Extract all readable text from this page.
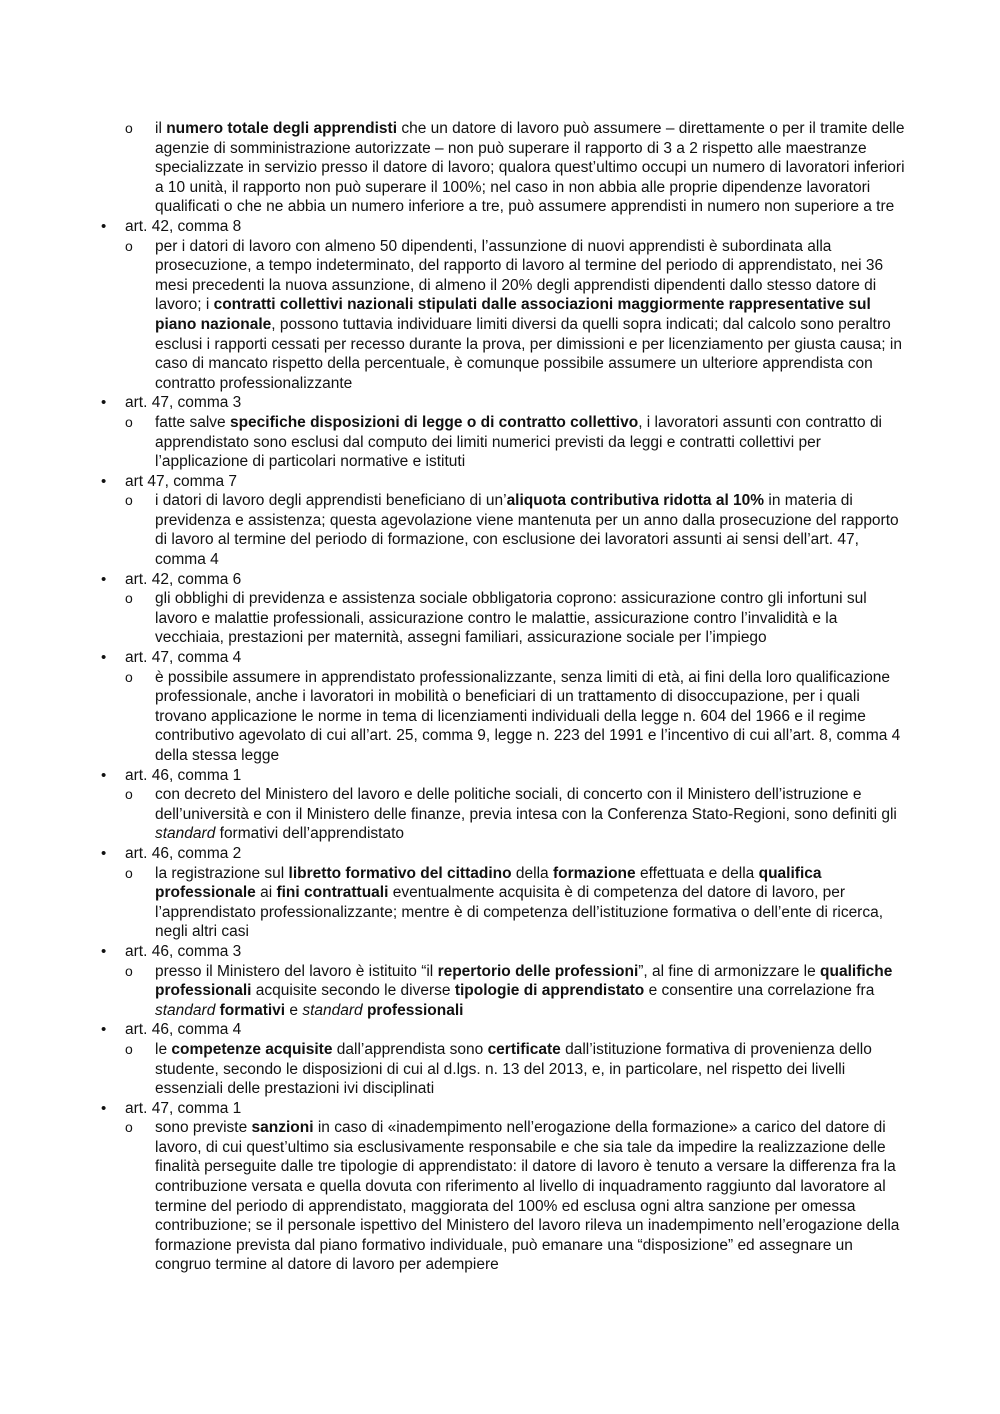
o il numero totale degli apprendisti che un datore di lavoro può assumere – direttamente o per il tramite delle agenzie di somministrazione autorizzate – non può superare il rapporto di 3 a 2 rispetto alle maestranze specializzate in servizio presso il datore di lavoro; qualora quest’ultimo occupi un numero di lavoratori inferiori a 10 unità, il rapporto non può superare il 100%; nel caso in non abbia alle proprie dipendenze lavoratori qualificati o che ne abbia un numero inferiore a tre, può assumere apprendisti in numero non superiore a tre
• art. 42, comma 8
o per i datori di lavoro con almeno 50 dipendenti, l’assunzione di nuovi apprendisti è subordinata alla prosecuzione, a tempo indeterminato, del rapporto di lavoro al termine del periodo di apprendistato, nei 36 mesi precedenti la nuova assunzione, di almeno il 20% degli apprendisti dipendenti dallo stesso datore di lavoro; i contratti collettivi nazionali stipulati dalle associazioni maggiormente rappresentative sul piano nazionale, possono tuttavia individuare limiti diversi da quelli sopra indicati; dal calcolo sono peraltro esclusi i rapporti cessati per recesso durante la prova, per dimissioni e per licenziamento per giusta causa; in caso di mancato rispetto della percentuale, è comunque possibile assumere un ulteriore apprendista con contratto professionalizzante
• art. 47, comma 3
o fatte salve specifiche disposizioni di legge o di contratto collettivo, i lavoratori assunti con contratto di apprendistato sono esclusi dal computo dei limiti numerici previsti da leggi e contratti collettivi per l’applicazione di particolari normative e istituti
• art 47, comma 7
o i datori di lavoro degli apprendisti beneficiano di un’aliquota contributiva ridotta al 10% in materia di previdenza e assistenza; questa agevolazione viene mantenuta per un anno dalla prosecuzione del rapporto di lavoro al termine del periodo di formazione, con esclusione dei lavoratori assunti ai sensi dell’art. 47, comma 4
• art. 42, comma 6
o gli obblighi di previdenza e assistenza sociale obbligatoria coprono: assicurazione contro gli infortuni sul lavoro e malattie professionali, assicurazione contro le malattie, assicurazione contro l’invalidità e la vecchiaia, prestazioni per maternità, assegni familiari, assicurazione sociale per l’impiego
• art. 47, comma 4
o è possibile assumere in apprendistato professionalizzante, senza limiti di età, ai fini della loro qualificazione professionale, anche i lavoratori in mobilità o beneficiari di un trattamento di disoccupazione, per i quali trovano applicazione le norme in tema di licenziamenti individuali della legge n. 604 del 1966 e il regime contributivo agevolato di cui all’art. 25, comma 9, legge n. 223 del 1991 e l’incentivo di cui all’art. 8, comma 4 della stessa legge
• art. 46, comma 1
o con decreto del Ministero del lavoro e delle politiche sociali, di concerto con il Ministero dell’istruzione e dell’università e con il Ministero delle finanze, previa intesa con la Conferenza Stato-Regioni, sono definiti gli standard formativi dell’apprendistato
• art. 46, comma 2
o la registrazione sul libretto formativo del cittadino della formazione effettuata e della qualifica professionale ai fini contrattuali eventualmente acquisita è di competenza del datore di lavoro, per l’apprendistato professionalizzante; mentre è di competenza dell’istituzione formativa o dell’ente di ricerca, negli altri casi
• art. 46, comma 3
o presso il Ministero del lavoro è istituito “il repertorio delle professioni”, al fine di armonizzare le qualifiche professionali acquisite secondo le diverse tipologie di apprendistato e consentire una correlazione fra standard formativi e standard professionali
• art. 46, comma 4
o le competenze acquisite dall’apprendista sono certificate dall’istituzione formativa di provenienza dello studente, secondo le disposizioni di cui al d.lgs. n. 13 del 2013, e, in particolare, nel rispetto dei livelli essenziali delle prestazioni ivi disciplinati
• art. 47, comma 1
o sono previste sanzioni in caso di «inadempimento nell’erogazione della formazione» a carico del datore di lavoro, di cui quest’ultimo sia esclusivamente responsabile e che sia tale da impedire la realizzazione delle finalità perseguite dalle tre tipologie di apprendistato: il datore di lavoro è tenuto a versare la differenza fra la contribuzione versata e quella dovuta con riferimento al livello di inquadramento raggiunto dal lavoratore al termine del periodo di apprendistato, maggiorata del 100% ed esclusa ogni altra sanzione per omessa contribuzione; se il personale ispettivo del Ministero del lavoro rileva un inadempimento nell’erogazione della formazione prevista dal piano formativo individuale, può emanare una “disposizione” ed assegnare un congruo termine al datore di lavoro per adempiere
